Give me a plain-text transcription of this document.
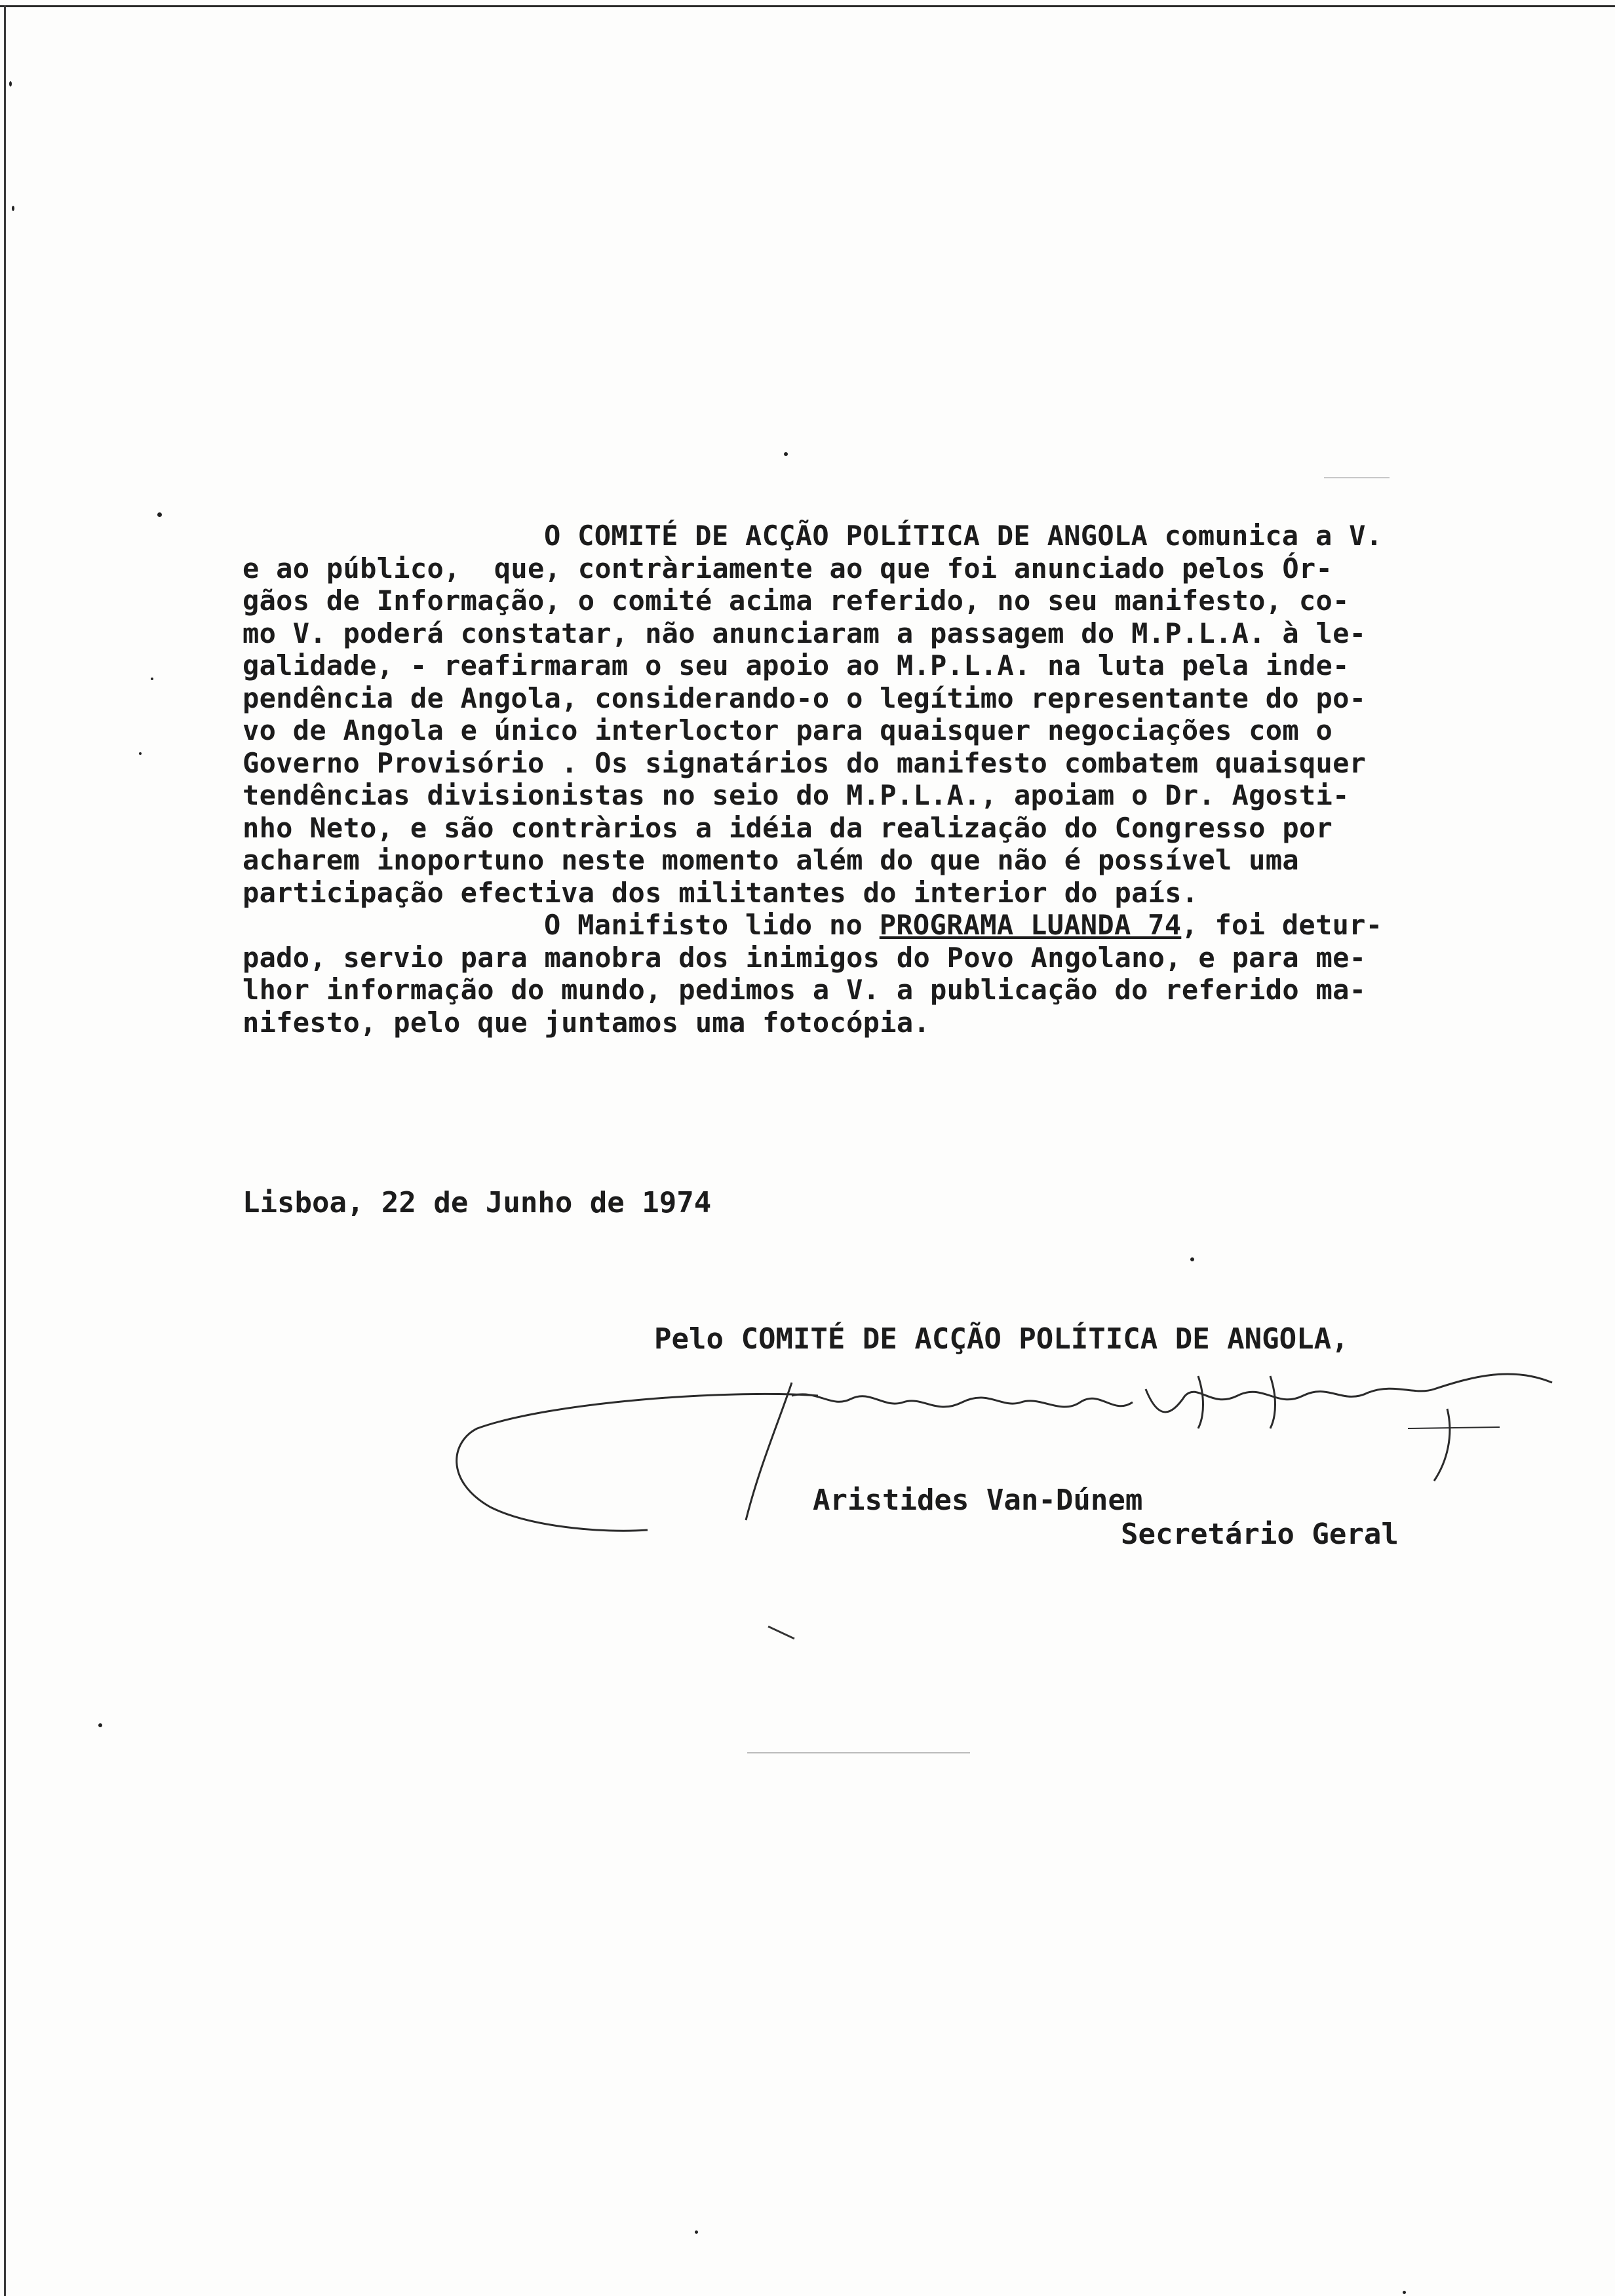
O COMITÉ DE ACÇÃO POLÍTICA DE ANGOLA comunica a V.
e ao público,  que, contràriamente ao que foi anunciado pelos Ór-
gãos de Informação, o comité acima referido, no seu manifesto, co-
mo V. poderá constatar, não anunciaram a passagem do M.P.L.A. à le-
galidade, - reafirmaram o seu apoio ao M.P.L.A. na luta pela inde-
pendência de Angola, considerando-o o legítimo representante do po-
vo de Angola e único interloctor para quaisquer negociações com o
Governo Provisório . Os signatários do manifesto combatem quaisquer
tendências divisionistas no seio do M.P.L.A., apoiam o Dr. Agosti-
nho Neto, e são contràrios a idéia da realização do Congresso por
acharem inoportuno neste momento além do que não é possível uma
participação efectiva dos militantes do interior do país.
O Manifisto lido no PROGRAMA LUANDA 74, foi detur-
pado, servio para manobra dos inimigos do Povo Angolano, e para me-
lhor informação do mundo, pedimos a V. a publicação do referido ma-
nifesto, pelo que juntamos uma fotocópia.
Lisboa, 22 de Junho de 1974
Pelo COMITÉ DE ACÇÃO POLÍTICA DE ANGOLA,
Aristides Van-Dúnem
Secretário Geral
